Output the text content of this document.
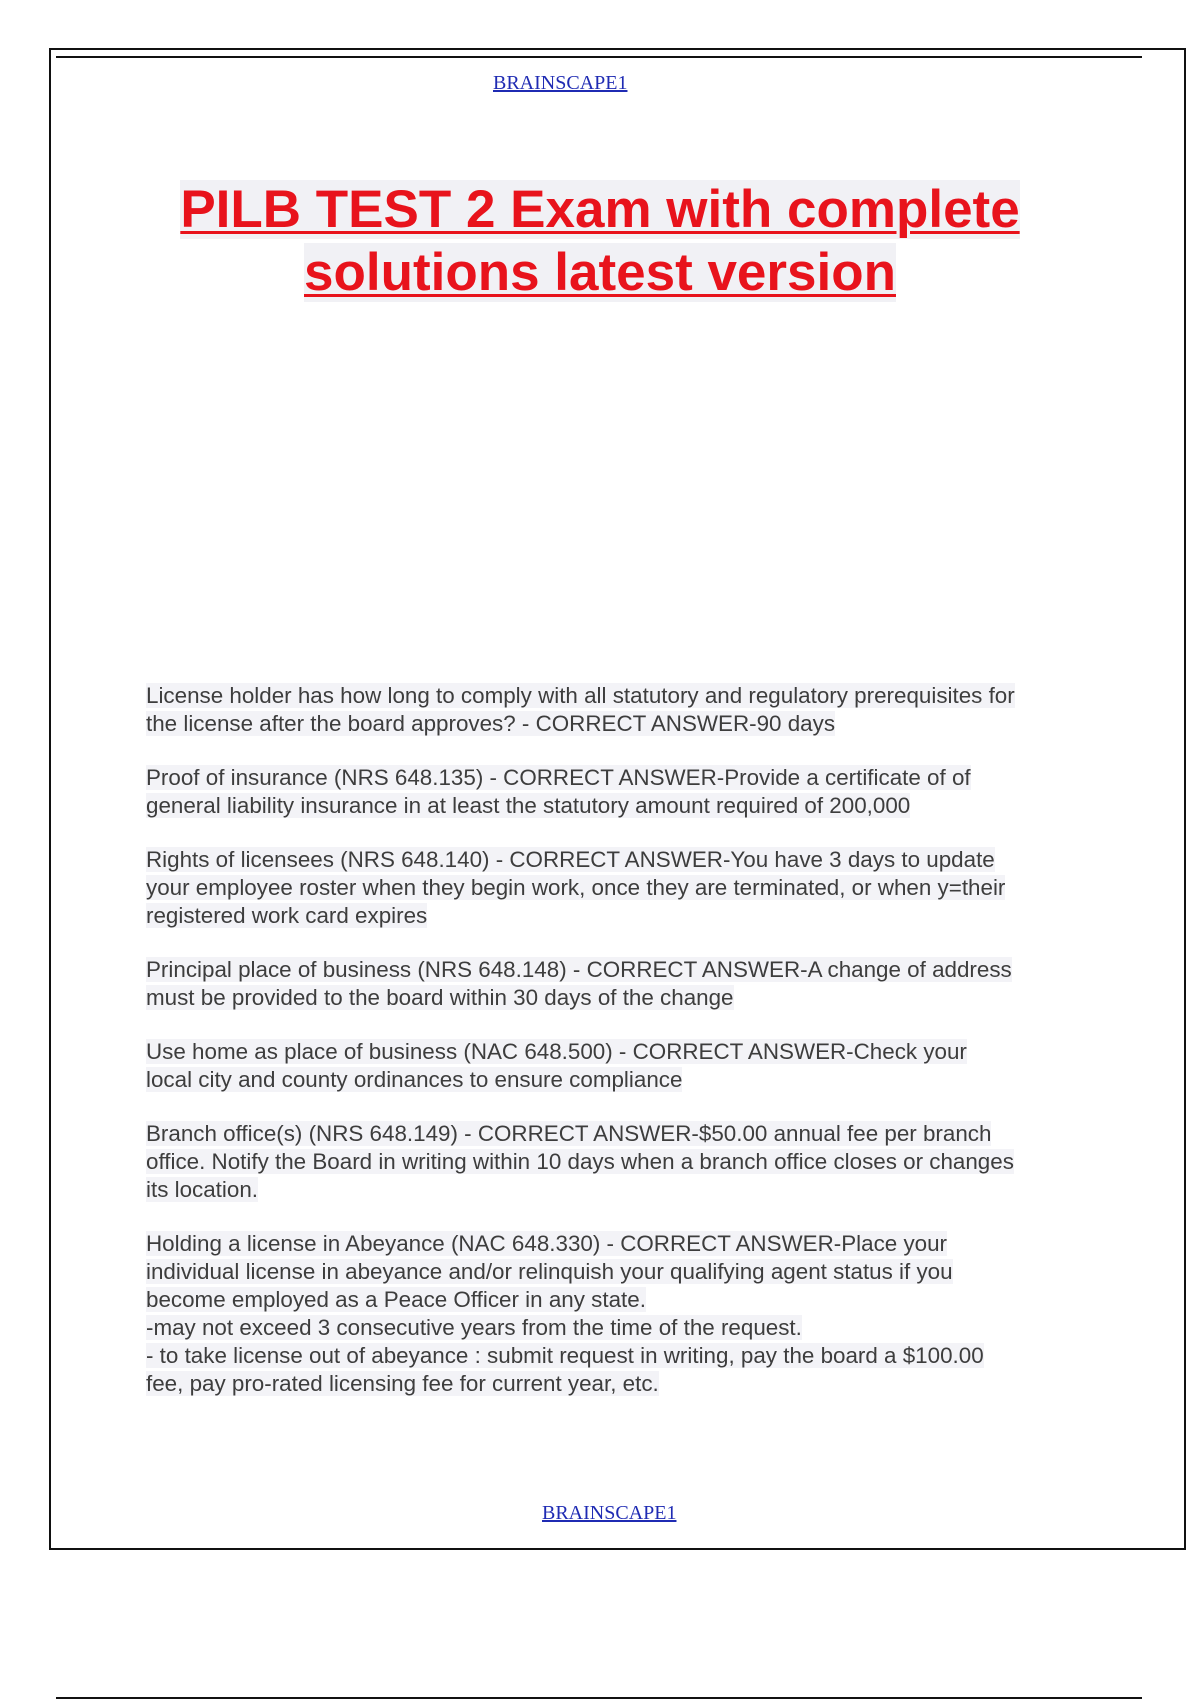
BRAINSCAPE1
PILB TEST 2 Exam with complete
solutions latest version
License holder has how long to comply with all statutory and regulatory prerequisites for
the license after the board approves? - CORRECT ANSWER-90 days
Proof of insurance (NRS 648.135) - CORRECT ANSWER-Provide a certificate of of
general liability insurance in at least the statutory amount required of 200,000
Rights of licensees (NRS 648.140) - CORRECT ANSWER-You have 3 days to update
your employee roster when they begin work, once they are terminated, or when y=their
registered work card expires
Principal place of business (NRS 648.148) - CORRECT ANSWER-A change of address
must be provided to the board within 30 days of the change
Use home as place of business (NAC 648.500) - CORRECT ANSWER-Check your
local city and county ordinances to ensure compliance
Branch office(s) (NRS 648.149) - CORRECT ANSWER-$50.00 annual fee per branch
office. Notify the Board in writing within 10 days when a branch office closes or changes
its location.
Holding a license in Abeyance (NAC 648.330) - CORRECT ANSWER-Place your
individual license in abeyance and/or relinquish your qualifying agent status if you
become employed as a Peace Officer in any state.
-may not exceed 3 consecutive years from the time of the request.
- to take license out of abeyance : submit request in writing, pay the board a $100.00
fee, pay pro-rated licensing fee for current year, etc.
BRAINSCAPE1
